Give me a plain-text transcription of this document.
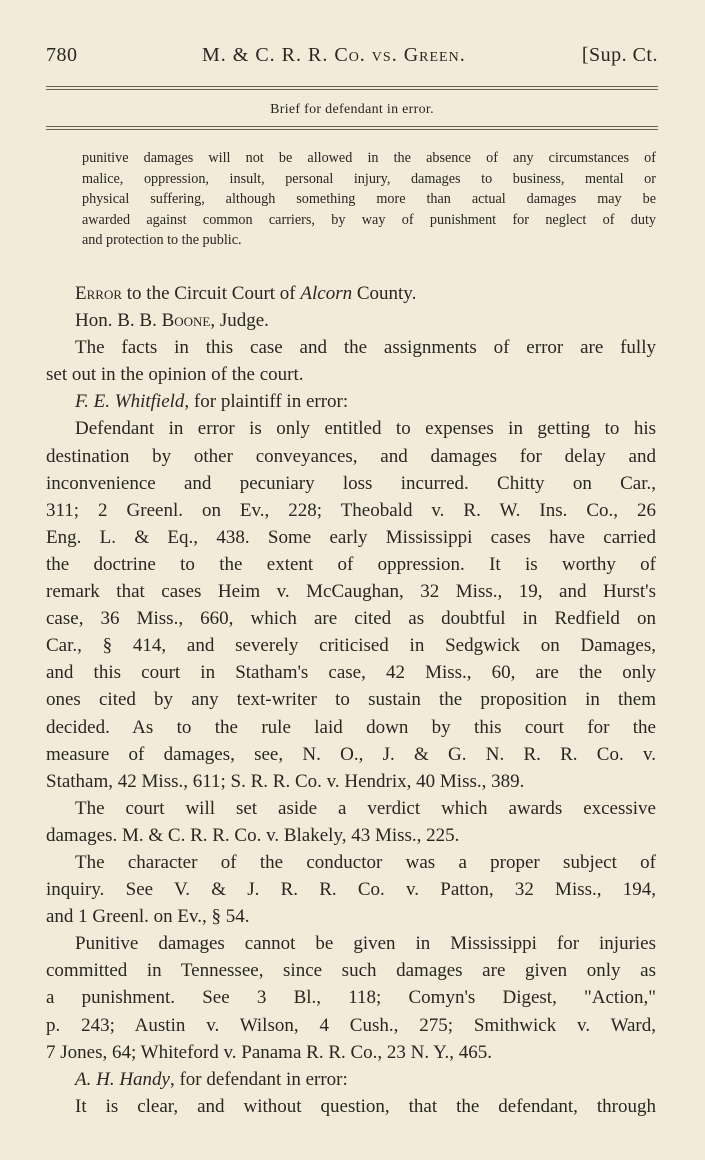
780	M. & C. R. R. Co. vs. Green.	[Sup. Ct.
Brief for defendant in error.
punitive damages will not be allowed in the absence of any circumstances of
malice, oppression, insult, personal injury, damages to business, mental or
physical suffering, although something more than actual damages may be
awarded against common carriers, by way of punishment for neglect of duty
and protection to the public.
Error to the Circuit Court of Alcorn County.
Hon. B. B. Boone, Judge.
The facts in this case and the assignments of error are fully
set out in the opinion of the court.
F. E. Whitfield, for plaintiff in error:
Defendant in error is only entitled to expenses in getting to his
destination by other conveyances, and damages for delay and
inconvenience and pecuniary loss incurred. Chitty on Car.,
311; 2 Greenl. on Ev., 228; Theobald v. R. W. Ins. Co., 26
Eng. L. & Eq., 438. Some early Mississippi cases have carried
the doctrine to the extent of oppression. It is worthy of
remark that cases Heim v. McCaughan, 32 Miss., 19, and Hurst's
case, 36 Miss., 660, which are cited as doubtful in Redfield on
Car., § 414, and severely criticised in Sedgwick on Damages,
and this court in Statham's case, 42 Miss., 60, are the only
ones cited by any text-writer to sustain the proposition in them
decided. As to the rule laid down by this court for the
measure of damages, see, N. O., J. & G. N. R. R. Co. v.
Statham, 42 Miss., 611; S. R. R. Co. v. Hendrix, 40 Miss., 389.
The court will set aside a verdict which awards excessive
damages. M. & C. R. R. Co. v. Blakely, 43 Miss., 225.
The character of the conductor was a proper subject of
inquiry. See V. & J. R. R. Co. v. Patton, 32 Miss., 194,
and 1 Greenl. on Ev., § 54.
Punitive damages cannot be given in Mississippi for injuries
committed in Tennessee, since such damages are given only as
a punishment. See 3 Bl., 118; Comyn's Digest, "Action,"
p. 243; Austin v. Wilson, 4 Cush., 275; Smithwick v. Ward,
7 Jones, 64; Whiteford v. Panama R. R. Co., 23 N. Y., 465.
A. H. Handy, for defendant in error:
It is clear, and without question, that the defendant, through
